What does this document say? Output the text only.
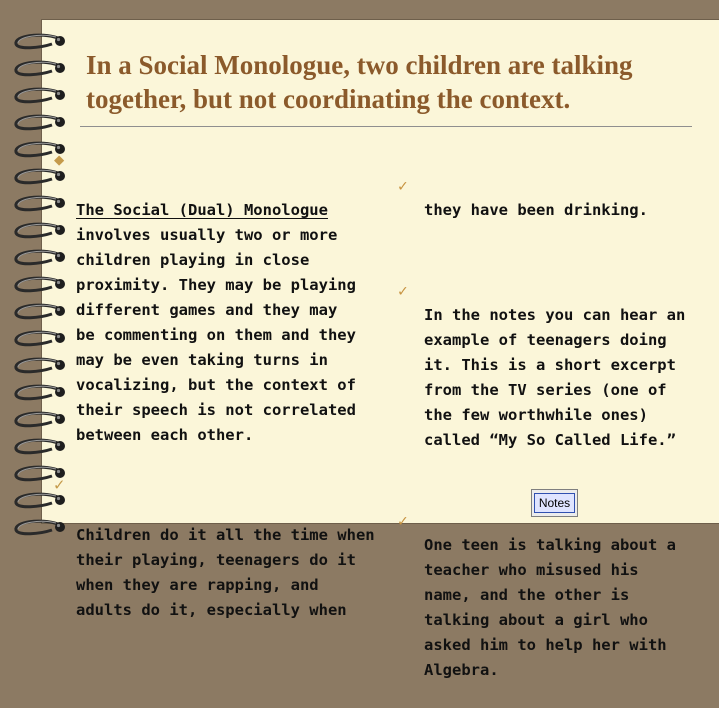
In a Social Monologue, two children are talking
together, but not coordinating the context.

◆

The Social (Dual) Monologue

involves usually two or more
children playing in close
proximity. They may be playing
different games and they may
be commenting on them and they
may be even taking turns in
vocalizing, but the context of
their speech is not correlated
between each other.

✓

Children do it all the time when
their playing, teenagers do it
when they are rapping, and
adults do it, especially when

✓

they have been drinking.

✓

In the notes you can hear an
example of teenagers doing
it. This is a short excerpt
from the TV series (one of
the few worthwhile ones)
called “My So Called Life.”

✓

One teen is talking about a
teacher who misused his
name, and the other is
talking about a girl who
asked him to help her with
Algebra.

Notes
